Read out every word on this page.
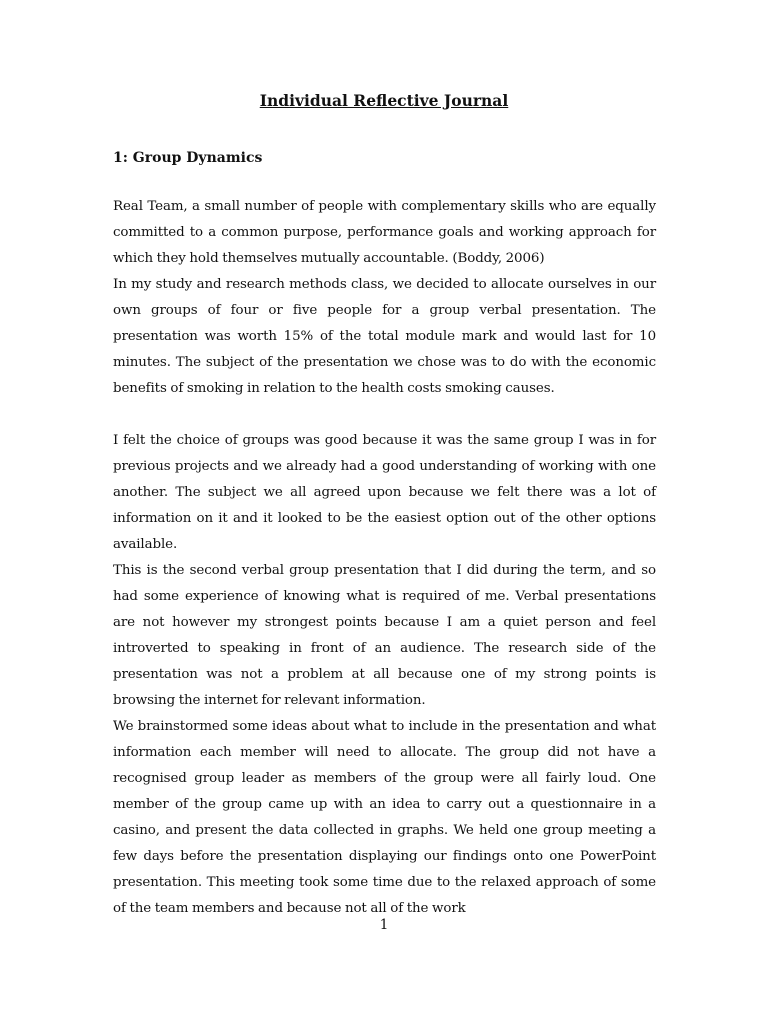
Individual Reflective Journal
1: Group Dynamics

Real Team, a small number of people with complementary skills who are equally committed to a common purpose, performance goals and working approach for which they hold themselves mutually accountable. (Boddy, 2006)

In my study and research methods class, we decided to allocate ourselves in our own groups of four or five people for a group verbal presentation. The presentation was worth 15% of the total module mark and would last for 10 minutes. The subject of the presentation we chose was to do with the economic benefits of smoking in relation to the health costs smoking causes.

I felt the choice of groups was good because it was the same group I was in for previous projects and we already had a good understanding of working with one another. The subject we all agreed upon because we felt there was a lot of information on it and it looked to be the easiest option out of the other options available.

This is the second verbal group presentation that I did during the term, and so had some experience of knowing what is required of me. Verbal presentations are not however my strongest points because I am a quiet person and feel introverted to speaking in front of an audience. The research side of the presentation was not a problem at all because one of my strong points is browsing the internet for relevant information.

We brainstormed some ideas about what to include in the presentation and what information each member will need to allocate. The group did not have a recognised group leader as members of the group were all fairly loud. One member of the group came up with an idea to carry out a questionnaire in a casino, and present the data collected in graphs. We held one group meeting a few days before the presentation displaying our findings onto one PowerPoint presentation. This meeting took some time due to the relaxed approach of some of the team members and because not all of the work

1
